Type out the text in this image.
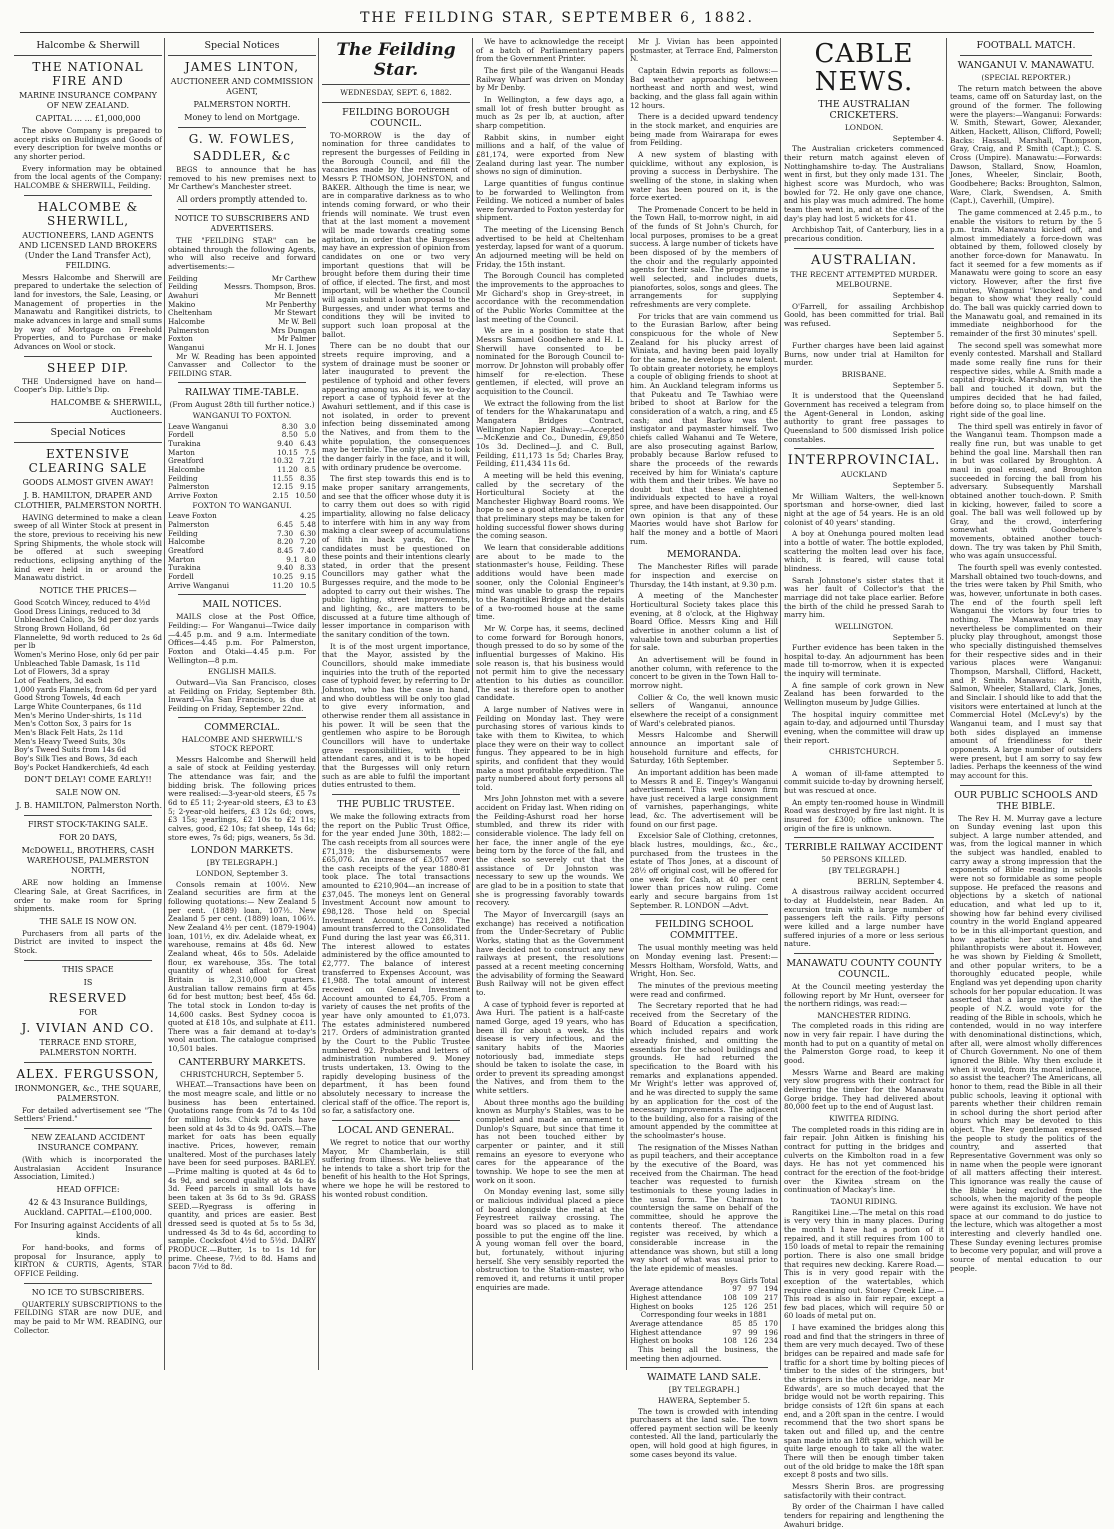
THE FEILDING STAR, SEPTEMBER 6, 1882.
Halcombe & Sherwill
THE NATIONAL FIRE AND
MARINE INSURANCE COMPANY OF NEW ZEALAND.
CAPITAL ... ... £1,000,000

The above Company is prepared to accept risks on Buildings and Goods of every description for twelve months or any shorter period.

Every information may be obtained from the local agents of the Company; HALCOMBE & SHERWILL, Feilding.

HALCOMBE & SHERWILL,
AUCTIONEERS, LAND AGENTS AND LICENSED LAND BROKERS (Under the Land Transfer Act), FEILDING.

Messrs Halcombe and Sherwill are prepared to undertake the selection of land for investors, the Sale, Leasing, or Management of properties in the Manawatu and Rangitikei districts, to make advances in large and small sums by way of Mortgage on Freehold Properties, and to Purchase or make Advances on Wool or stock.

SHEEP DIP.

THE Undersigned have on hand— Cooper's Dip. Little's Dip.

HALCOMBE & SHERWILL, Auctioneers.
Special Notices
EXTENSIVE CLEARING SALE
GOODS ALMOST GIVEN AWAY!
J. B. HAMILTON, DRAPER AND CLOTHIER, PALMERSTON NORTH.

HAVING determined to make a clean sweep of all Winter Stock at present in the store, previous to receiving his new Spring Shipments, the whole stock will be offered at such sweeping reductions, eclipsing anything of the kind ever held in or around the Manawatu district.

NOTICE THE PRICES—
Good Scotch Wincey, reduced to 4½d
Good Dress Linings, reduced to 3d
Unbleached Calico, 3s 9d per doz yards
Strong Brown Holland, 6d
Flannelette, 9d worth reduced to 2s 6d per lb
Women's Merino Hose, only 6d per pair
Unbleached Table Damask, 1s 11d
Lot of Flowers, 3d a spray
Lot of Feathers, 3d each
1,000 yards Flannels, from 6d per yard
Good Strong Towels, 4d each
Large White Counterpanes, 6s 11d
Men's Merino Under-shirts, 1s 11d
Men's Cotton Sox, 3 pairs for 1s
Men's Black Felt Hats, 2s 11d
Men's Heavy Tweed Suits, 30s
Boy's Tweed Suits from 14s 6d
Boy's Silk Ties and Bows, 3d each
Boy's Pocket Handkerchiefs, 4d each
DON'T DELAY! COME EARLY!!
SALE NOW ON.
J. B. HAMILTON, Palmerston North.
FIRST STOCK-TAKING SALE.
FOR 20 DAYS,
McDOWELL, BROTHERS, CASH WAREHOUSE, PALMERSTON NORTH,

ARE now holding an Immense Clearing Sale, at Great Sacrifices, in order to make room for Spring shipments.

THE SALE IS NOW ON.

Purchasers from all parts of the District are invited to inspect the Stock.

THIS SPACE
IS
RESERVED
FOR
J. VIVIAN AND CO.
TERRACE END STORE, PALMERSTON NORTH.
ALEX. FERGUSSON,
IRONMONGER, &c., THE SQUARE, PALMERSTON.

For detailed advertisement see "The Settlers' Friend."

NEW ZEALAND ACCIDENT INSURANCE COMPANY.

(With which is incorporated the Australasian Accident Insurance Association, Limited.)

HEAD OFFICE:
42 & 43 Insurance Buildings, Auckland. CAPITAL—£100,000.
For Insuring against Accidents of all kinds.

For hand-books, and forms of proposal for Insurance, apply to KIRTON & CURTIS, Agents, STAR OFFICE Feilding.

NO ICE TO SUBSCRIBERS.

QUARTERLY SUBSCRIPTIONS to the FEILDING STAR are now DUE, and may be paid to Mr WM. READING, our Collector.

Special Notices
JAMES LINTON,
AUCTIONEER AND COMMISSION AGENT,
PALMERSTON NORTH.
Money to lend on Mortgage.
G. W. FOWLES,
SADDLER, &c

BEGS to announce that he has removed to his new premises next to Mr Carthew's Manchester street.

All orders promptly attended to.
NOTICE TO SUBSCRIBERS AND ADVERTISERS.

THE "FEILDING STAR" can be obtained through the following Agents, who will also receive and forward advertisements:—

Feilding	Mr Carthew
Feilding	Messrs. Thompson, Bros.
Awahuri	Mr Bennett
Makino	Mr Penberthy
Cheltenham	Mr Stewart
Halcombe	Mr W. Bell
Palmerston	Mrs Dungan
Foxton	Mr Palmer
Wanganui	Mr H. I. Jones

Mr W. Reading has been appointed Canvasser and Collector to the FEILDING STAR.

RAILWAY TIME-TABLE.
(From August 28th till further notice.)
WANGANUI TO FOXTON.
Leave Wanganui	8.30 3.0
Fordell	8.50 5.0
Turakina	9.40 6.43
Marton	10.15 7.5
Greatford	10.32 7.21
Halcombe	11.20 8.5
Feilding	11.55 8.35
Palmerston	12.15 9.15
Arrive Foxton	2.15 10.50
FOXTON TO WANGANUI.
Leave Foxton	4.25
Palmerston	6.45 5.48
Feilding	7.30 6.30
Halcombe	8.20 7.20
Greatford	8.45 7.40
Marton	9.1 8.0
Turakina	9.40 8.33
Fordell	10.25 9.15
Arrive Wanganui	11.20 10.5
MAIL NOTICES.

MAILS close at the Post Office, Feilding:— For Wanganui—Twice daily—4.45 p.m. and 9 a.m. Intermediate Offices—4.45 p.m. For Palmerston, Foxton and Otaki—4.45 p.m. For Wellington—8 p.m.

ENGLISH MAILS.

Outward—Via San Francisco, closes at Feilding on Friday, September 8th. Inward—Via San Francisco, is due at Feilding on Friday, September 22nd.

COMMERCIAL.
HALCOMBE AND SHERWILL'S STOCK REPORT.

Messrs Halcombe and Sherwill held a sale of stock at Feilding yesterday. The attendance was fair, and the bidding brisk. The following prices were realised:—3-year-old steers, £5 7s 6d to £5 11; 2-year-old steers, £3 to £3 5; 2-year-old heifers, £3 12s 6d; cows, £3 15s; yearlings, £2 10s to £2 11s; calves, good, £2 10s; fat sheep, 14s 6d; store ewes, 7s 6d; pigs, weaners, 5s 3d.

LONDON MARKETS.
[BY TELEGRAPH.]
LONDON, September 3.

Consols remain at 100½. New Zealand securities are firm at the following quotations:— New Zealand 5 per cent. (1889) loan, 107½. New Zealand 5 per cent. (1889) loan, 106½. New Zealand 4½ per cent. (1879-1904) loan, 101½, ex div. Adelaide wheat, ex warehouse, remains at 48s 6d. New Zealand wheat, 46s to 50s. Adelaide flour, ex warehouse, 35s. The total quantity of wheat afloat for Great Britain is 2,310,000 quarters. Australian tallow remains firm at 45s 6d for best mutton; best beef, 45s 6d. The total stock in London to-day is 14,600 casks. Best Sydney cocoa is quoted at £18 10s, and sulphate at £11. There was a fair demand at to-day's wool auction. The catalogue comprised 10,501 bales.

CANTERBURY MARKETS.
CHRISTCHURCH, September 5.

WHEAT.—Transactions have been on the most meagre scale, and little or no business has been entertained. Quotations range from 4s 7d to 4s 10d for milling lots. Chick parcels have been sold at 4s 3d to 4s 9d. OATS.—The market for oats has been equally inactive. Prices, however, remain unaltered. Most of the purchases lately have been for seed purposes. BARLEY.—Prime malting is quoted at 4s 6d to 4s 9d, and second quality at 4s to 4s 3d. Feed parcels in small lots have been taken at 3s 6d to 3s 9d. GRASS SEED.—Ryegrass is offering in quantity, and prices are easier. Best dressed seed is quoted at 5s to 5s 3d, undressed 4s 3d to 4s 6d, according to sample. Cocksfoot 4½d to 5½d. DAIRY PRODUCE.—Butter, 1s to 1s 1d for prime. Cheese, 7½d to 8d. Hams and bacon 7½d to 8d.

The Feilding Star.
WEDNESDAY, SEPT. 6, 1882.
FEILDING BOROUGH COUNCIL.

TO-MORROW is the day of nomination for three candidates to represent the burgesses of Feilding in the Borough Council, and fill the vacancies made by the retirement of Messrs P. THOMSON, JOHNSTON, and BAKER. Although the time is near, we are in comparative darkness as to who intends coming forward, or who their friends will nominate. We trust even that at the last moment a movement will be made towards creating some agitation, in order that the Burgesses may have an expression of opinion from candidates on one or two very important questions that will be brought before them during their time of office, if elected. The first, and most important, will be whether the Council will again submit a loan proposal to the Burgesses, and under what terms and conditions they will be invited to support such loan proposal at the ballot.

There can be no doubt that our streets require improving, and a system of drainage must be sooner or later inaugurated to prevent the pestilence of typhoid and other fevers appearing among us. As it is, we to-day report a case of typhoid fever at the Awahuri settlement, and if this case is not isolated, in order to prevent infection being disseminated among the Natives, and from them to the white population, the consequences may be terrible. The only plan is to look the danger fairly in the face, and it will, with ordinary prudence be overcome.

The first step towards this end is to make proper sanitary arrangements, and see that the officer whose duty it is to carry them out does so with rigid impartiality, allowing no false delicacy to interfere with him in any way from making a clear sweep of accumulations of filth in back yards, &c. The candidates must be questioned on these points and their intentions clearly stated, in order that the present Councillors may gather what the Burgesses require, and the mode to be adopted to carry out their wishes. The public lighting, street improvements, and lighting, &c., are matters to be discussed at a future time although of lesser importance in comparison with the sanitary condition of the town.

It is of the most urgent importance, that the Mayor, assisted by the Councillors, should make immediate inquiries into the truth of the reported case of typhoid fever, by referring to Dr Johnston, who has the case in hand, and who doubtless will be only too glad to give every information, and otherwise render them all assistance in his power. It will be seen that the gentlemen who aspire to be Borough Councillors will have to undertake grave responsibilities, with their attendant cares, and it is to be hoped that the Burgesses will only return such as are able to fulfil the important duties entrusted to them.

THE PUBLIC TRUSTEE.

We make the following extracts from the report on the Public Trust Office, for the year ended June 30th, 1882:—The cash receipts from all sources were £71,319; the disbursements were £65,076. An increase of £3,057 over the cash receipts of the year 1880-81 took place. The total transactions amounted to £210,904—an increase of £37,045. The moneys lent on General Investment Account now amount to £98,128. Those held on Special Investment Account, £21,289. The amount transferred to the Consolidated Fund during the last year was £6,311. The interest allowed to estates administered by the office amounted to £2,777. The balance of interest transferred to Expenses Account, was £1,988. The total amount of interest received on General Investment Account amounted to £4,705. From a variety of causes the net profits of the year have only amounted to £1,073. The estates administered numbered 217. Orders of administration granted by the Court to the Public Trustee numbered 92. Probates and letters of administration numbered 9. Money trusts undertaken, 13. Owing to the rapidly developing business of the department, it has been found absolutely necessary to increase the clerical staff of the office. The report is, so far, a satisfactory one.

LOCAL AND GENERAL.

We regret to notice that our worthy Mayor, Mr Chamberlain, is still suffering from illness. We believe that he intends to take a short trip for the benefit of his health to the Hot Springs, where we hope he will be restored to his wonted robust condition.

We have to acknowledge the receipt of a batch of Parliamentary papers from the Government Printer.

The first pile of the Wanganui Heads Railway Wharf was driven on Monday by Mr Denby.

In Wellington, a few days ago, a small lot of fresh butter brought as much as 2s per lb, at auction, after sharp competition.

Rabbit skins, in number eight millions and a half, of the value of £81,174, were exported from New Zealand during last year. The number shows no sign of diminution.

Large quantities of fungus continue to be forwarded to Wellington from Feilding. We noticed a number of bales were forwarded to Foxton yesterday for shipment.

The meeting of the Licensing Bench advertised to be held at Cheltenham yesterday, lapsed for want of a quorum. An adjourned meeting will be held on Friday, the 15th instant.

The Borough Council has completed the improvements to the approaches to Mr Gichard's shop in Grey-street, in accordance with the recommendation of the Public Works Committee at the last meeting of the Council.

We are in a position to state that Messrs Samuel Goodbehere and H. L. Sherwill have consented to be nominated for the Borough Council to-morrow. Dr Johnston will probably offer himself for re-election. These gentlemen, if elected, will prove an acquisition to the Council.

We extract the following from the list of tenders for the Whakarunatapu and Mangatera Bridges Contract, Wellington Napier Railway:—Accepted—McKenzie and Co., Dunedin, £9,850 10s 3d. Declined—J. and C. Bull, Feilding, £11,173 1s 5d; Charles Bray, Feilding, £11,434 11s 6d.

A meeting will be held this evening, called by the secretary of the Horticultural Society at the Manchester Highway Board rooms. We hope to see a good attendance, in order that preliminary steps may be taken for holding successful flower shows during the coming season.

We learn that considerable additions are about to be made to the stationmaster's house, Feilding. These additions would have been made sooner, only the Colonial Engineer's mind was unable to grasp the repairs to the Rangitikei Bridge and the details of a two-roomed house at the same time.

Mr W. Corpe has, it seems, declined to come forward for Borough honors, though pressed to do so by some of the influential burgesses of Makino. His sole reason is, that his business would not permit him to give the necessary attention to his duties as councillor. The seat is therefore open to another candidate.

A large number of Natives were in Feilding on Monday last. They were purchasing stores of various kinds to take with them to Kiwitea, to which place they were on their way to collect fungus. They appeared to be in high spirits, and confident that they would make a most profitable expedition. The party numbered about forty persons all told.

Mrs John Johnston met with a severe accident on Friday last. When riding on the Feilding-Ashurst road her horse stumbled, and threw its rider with considerable violence. The lady fell on her face, the inner angle of the eye being torn by the force of the fall, and the cheek so severely cut that the assistance of Dr Johnston was necessary to sew up the wounds. We are glad to be in a position to state that she is progressing favorably towards recovery.

The Mayor of Invercargill (says an exchange) has received a notification from the Under-Secretary of Public Works, stating that as the Government have decided not to construct any new railways at present, the resolutions passed at a recent meeting concerning the advisability of forming the Seaward Bush Railway will not be given effect to.

A case of typhoid fever is reported at Awa Huri. The patient is a half-caste named Gorge, aged 19 years, who has been ill for about a week. As this disease is very infectious, and the sanitary habits of the Maories notoriously bad, immediate steps should be taken to isolate the case, in order to prevent its spreading amongst the Natives, and from them to the white settlers.

About three months ago the building known as Murphy's Stables, was to be completed and made an ornament to Dunlop's Square, but since that time it has not been touched either by carpenter or painter, and it still remains an eyesore to everyone who cares for the appearance of the township. We hope to see the men at work on it soon.

On Monday evening last, some silly or malicious individual placed a piece of board alongside the metal at the Feyrestreet railway crossing. The board was so placed as to make it possible to put the engine off the line. A young woman fell over the board, but, fortunately, without injuring herself. She very sensibly reported the obstruction to the Station-master, who removed it, and returns it until proper enquiries are made.

Mr J. Vivian has been appointed postmaster, at Terrace End, Palmerston N.

Captain Edwin reports as follows:— Bad weather approaching between northeast and north and west, wind backing, and the glass fall again within 12 hours.

There is a decided upward tendency in the stock market, and enquiries are being made from Wairarapa for ewes from Feilding.

A new system of blasting with quicklime, without any explosion, is proving a success in Derbyshire. The swelling of the stone, in slaking when water has been poured on it, is the force exerted.

The Promenade Concert to be held in the Town Hall, to-morrow night, in aid of the funds of St John's Church, for local purposes, promises to be a great success. A large number of tickets have been disposed of by the members of the choir and the regularly appointed agents for their sale. The programme is well selected, and includes duets, pianofortes, solos, songs and glees. The arrangements for supplying refreshments are very complete.

For tricks that are vain commend us to the Eurasian Barlow, after being conspicuous for the whole of New Zealand for his plucky arrest of Winiata, and having been paid loyally for the same, he develops a new talent. To obtain greater notoriety, he employs a couple of obliging friends to shoot at him. An Auckland telegram informs us that Pukeatu and Te Tawhiao were bribed to shoot at Barlow for the consideration of a watch, a ring, and £5 cash; and that Barlow was the instigator and paymaster himself. Two chiefs called Wahanui and Te Wetere, are also prosecuting against Barlow, probably because Barlow refused to share the proceeds of the rewards received by him for Winiata's capture with them and their tribes. We have no doubt but that these enlightened individuals expected to have a royal spree, and have been disappointed. Our own opinion is that any of these Maories would have shot Barlow for half the money and a bottle of Maori rum.

MEMORANDA.

The Manchester Rifles will parade for inspection and exercise on Thursday, the 14th instant, at 9.30 p.m.

A meeting of the Manchester Horticultural Society takes place this evening, at 8 o'clock, at the Highway Board Office. Messrs King and Hill advertise in another column a list of valuable town and suburban properties for sale.

An advertisement will be found in another column, with reference to the concert to be given in the Town Hall to-morrow night.

Collier & Co, the well known music sellers of Wanganui, announce elsewhere the receipt of a consignment of Ward's celebrated pianos.

Messrs Halcombe and Sherwill announce an important sale of household furniture and effects, for Saturday, 16th September.

An important addition has been made to Messrs R and E. Tingey's Wanganui advertisement. This well known firm have just received a large consignment of varnishes, paperhangings, white lead, &c. The advertisement will be found on our first page.

Excelsior Sale of Clothing, cretonnes, black lustres, mouldings, &c., &c., purchased from the trustees in the estate of Thos Jones, at a discount of 28½ off original cost, will be offered for one week for Cash, at 40 per cent lower than prices now ruling. Come early and secure bargains from 1st September. R. LONDON —Advt.

FEILDING SCHOOL COMMITTEE.

The usual monthly meeting was held on Monday evening last. Present:— Messrs Holtham, Worsfold, Watts, and Wright, Hon. Sec.

The minutes of the previous meeting were read and confirmed.

The Secretary reported that he had received from the Secretary of the Board of Education a specification, which included repairs and work already finished, and omitting the essentials for the school buildings and grounds. He had returned the specification to the Board with his remarks and explanations appended. Mr Wright's letter was approved of, and he was directed to supply the same by an application for the cost of the necessary improvements. The adjacent to the building, also for a raising of the amount appended by the committee at the schoolmaster's house.

The resignation of the Misses Nathan as pupil teachers, and their acceptance by the executive of the Board, was received from the Chairman. The head teacher was requested to furnish testimonials to these young ladies in the usual form. The Chairman to countersign the same on behalf of the committee, should he approve the contents thereof. The attendance register was received, by which a considerable increase in the attendance was shown, but still a long way short of what was usual prior to the late epidemic of measles.

Boys Girls Total
Average attendance	97 97 194
Highest attendance	108 109 217
Highest on books	125 126 251
Corresponding four weeks in 1881
Average attendance	85 85 170
Highest attendance	97 99 196
Highest on books	108 126 234

This being all the business, the meeting then adjourned.

WAIMATE LAND SALE.
[BY TELEGRAPH.]
HAWERA, September 5.

The town is crowded with intending purchasers at the land sale. The town offered payment section will be keenly contested. All the land, particularly the open, will hold good at high figures, in some cases beyond its value.

FOOTBALL MATCH.
WANGANUI V. MANAWATU.
(SPECIAL REPORTER.)

The return match between the above teams, came off on Saturday last, on the ground of the former. The following were the players:—Wanganui: Forwards: W. Smith, Stewart, Gower, Alexander, Aitken, Hackett, Allison, Clifford, Powell; Backs: Hassall, Marshall, Thompson, Gray, Craig, and P. Smith (Capt.); C. S. Cross (Umpire). Manawatu:—Forwards: Dawson, Stallard, Snow, Hoamlon, Jones, Wheeler, Sinclair, Booth, Goodbehere; Backs: Broughton, Salmon, Ware, Clark, Swendsen, A. Smith (Capt.), Caverhill, (Umpire).

The game commenced at 2.45 p.m., to enable the visitors to return by the 5 p.m. train. Manawatu kicked off, and almost immediately a force-down was obtained by them, followed closely by another force-down for Manawatu. In fact it seemed for a few moments as if Manawatu were going to score an easy victory. However, after the first five minutes, Wanganui "knocked to," and began to show what they really could do. The ball was quickly carried down to the Manawatu goal, and remained in its immediate neighborhood for the remainder of the first 30 minutes' spell.

The second spell was somewhat more evenly contested. Marshall and Stallard made some really fine runs for their respective sides, while A. Smith made a capital drop-kick. Marshall ran with the ball and touched it down, but the umpires decided that he had failed, before doing so, to place himself on the right side of the goal line.

The third spell was entirely in favor of the Wanganui team. Thompson made a really fine run, but was unable to get behind the goal line. Marshall then ran in but was collared by Broughton. A maul in goal ensued, and Broughton succeeded in forcing the ball from his adversary. Subsequently Marshall obtained another touch-down. P. Smith in kicking, however, failed to score a goal. The ball was well followed up by Gray, and the crowd, interfering somewhat with Goodbehere's movements, obtained another touch-down. The try was taken by Phil Smith, who was again unsuccessful.

The fourth spell was evenly contested. Marshall obtained two touch-downs, and the tries were taken by Phil Smith, who was, however, unfortunate in both cases. The end of the fourth spell left Wanganui the victors by four tries to nothing. The Manawatu team may nevertheless be complimented on their plucky play throughout, amongst those who specially distinguished themselves for their respective sides and in their various places were Wanganui: Thompson, Marshall, Clifford, Hackett, and P. Smith. Manawatu: A. Smith, Salmon, Wheeler, Stallard, Clark, Jones, and Sinclair. I should like to add that the visitors were entertained at lunch at the Commercial Hotel (McLevy's) by the Wanganui team, and I must say that both sides displayed an immense amount of friendliness for their opponents. A large number of outsiders were present, but I am sorry to say few ladies. Perhaps the keenness of the wind may account for this.

OUR PUBLIC SCHOOLS AND THE BIBLE.

The Rev H. M. Murray gave a lecture on Sunday evening last upon this subject. A large number attended, and was, from the logical manner in which the subject was handled, enabled to carry away a strong impression that the exponents of Bible reading in schools were not so formidable as some people suppose. He prefaced the reasons and objections by a sketch of national education, and what led up to it, showing how far behind every civilised country in the world England appeared to be in this all-important question, and how apathetic her statesmen and philanthropists were about it. However, he was shown by Fielding & Smollett, and other popular writers, to be a thoroughly educated people, while England was yet depending upon charity schools for her popular education. It was asserted that a large majority of the people of N.Z. would vote for the reading of the Bible in schools, which he contended, would in no way interfere with denominational distinctions, which, after all, were almost wholly differences of Church Government. No one of them ignored the Bible. Why then exclude it when it would, from its moral influence, so assist the teacher? The Americans, all honor to them, read the Bible in all their public schools, leaving it optional with parents whether their children remain in school during the short period after hours which may be devoted to this object. The Rev gentleman expressed the people to study the politics of the country, and asserted that Representative Government was only so in name when the people were ignorant of all matters affecting their interest. This ignorance was really the cause of the Bible being excluded from the schools, when the majority of the people were against its exclusion. We have not space at our command to do justice to the lecture, which was altogether a most interesting and cleverly handled one. These Sunday evening lectures promise to become very popular, and will prove a source of mental education to our people.

CABLE NEWS.
THE AUSTRALIAN CRICKETERS.
LONDON.
September 4.

The Australian cricketers commenced their return match against eleven of Nottinghamshire to-day. The Australians went in first, but they only made 131. The highest score was Murdoch, who was bowled for 72. He only gave one chance, and his play was much admired. The home team then went in, and at the close of the day's play had lost 5 wickets for 41.

Archbishop Tait, of Canterbury, lies in a precarious condition.

AUSTRALIAN.
THE RECENT ATTEMPTED MURDER.
MELBOURNE.
September 4.

O'Farrell, for assailing Archbishop Goold, has been committed for trial. Bail was refused.

September 5.

Further charges have been laid against Burns, now under trial at Hamilton for murder.

BRISBANE.
September 5.

It is understood that the Queensland Government has received a telegram from the Agent-General in London, asking authority to grant free passages to Queensland to 500 dismissed Irish police constables.

INTERPROVINCIAL.
AUCKLAND
September 5.

Mr William Walters, the well-known sportsman and horse-owner, died last night at the age of 54 years. He is an old colonist of 40 years' standing.

A boy at Onehunga poured molten lead into a bottle of water. The bottle exploded, scattering the molten lead over his face, which, it is feared, will cause total blindness.

Sarah Johnstone's sister states that it was her fault of Collector's that the marriage did not take place earlier. Before the birth of the child he pressed Sarah to marry him.

WELLINGTON.
September 5.

Further evidence has been taken in the hospital to-day. An adjournment has been made till to-morrow, when it is expected the inquiry will terminate.

A fine sample of cork grown in New Zealand has been forwarded to the Wellington museum by Judge Gillies.

The hospital inquiry committee met again to-day, and adjourned until Thursday evening, when the committee will draw up their report.

CHRISTCHURCH.
September 5.

A woman of ill-fame attempted to commit suicide to-day by drowning herself, but was rescued at once.

An empty ten-roomed house in Windmill Road was destroyed by fire last night. It is insured for £300; office unknown. The origin of the fire is unknown.

TERRIBLE RAILWAY ACCIDENT
50 PERSONS KILLED.
[BY TELEGRAPH.]
BERLIN, September 4.

A disastrous railway accident occurred to-day at Huddelstein, near Baden. An excursion train with a large number of passengers left the rails. Fifty persons were killed and a large number have suffered injuries of a more or less serious nature.

MANAWATU COUNTY COUNTY COUNCIL.

At the Council meeting yesterday the following report by Mr Hunt, overseer for the northern ridings, was read:—

MANCHESTER RIDING.

The completed roads in this riding are now in very fair repair. I have during the month had to put on a quantity of metal on the Palmerston Gorge road, to keep it good.

Messrs Warne and Beard are making very slow progress with their contract for delivering the timber for the Manawatu Gorge bridge. They had delivered about 80,000 feet up to the end of August last.

KIWITEA RIDING.

The completed roads in this riding are in fair repair. John Aitken is finishing his contract for putting in the bridges and culverts on the Kimbolton road in a few days. He has not yet commenced his contract for the erection of the foot-bridge over the Kiwitea stream on the continuation of Mackay's line.

TAONUI RIDING.

Rangitikei Line.—The metal on this road is very very thin in many places. During the month I have had a portion of it repaired, and it still requires from 100 to 150 loads of metal to repair the remaining portion. There is also one small bridge that requires new decking. Karere Road.—This is in very good repair with the exception of the watertables, which require cleaning out. Stoney Creek Line.—This road is also in fair repair, except a few bad places, which will require 50 or 60 loads of metal put on.

I have examined the bridges along this road and find that the stringers in three of them are very much decayed. Two of these bridges can be repaired and made safe for traffic for a short time by bolting pieces of timber to the sides of the stringers, but the stringers in the other bridge, near Mr Edwards', are so much decayed that the bridge would not be worth repairing. This bridge consists of 12ft 6in spans at each end, and a 20ft span in the centre. I would recommend that the two short spans be taken out and filled up, and the centre span made into an 18ft span, which will be quite large enough to take all the water. There will then be enough timber taken out of the old bridge to make the 18ft span except 8 posts and two sills.

Messrs Sherin Bros. are progressing satisfactorily with their contract.

By order of the Chairman I have called tenders for repairing and lengthening the Awahuri bridge.
